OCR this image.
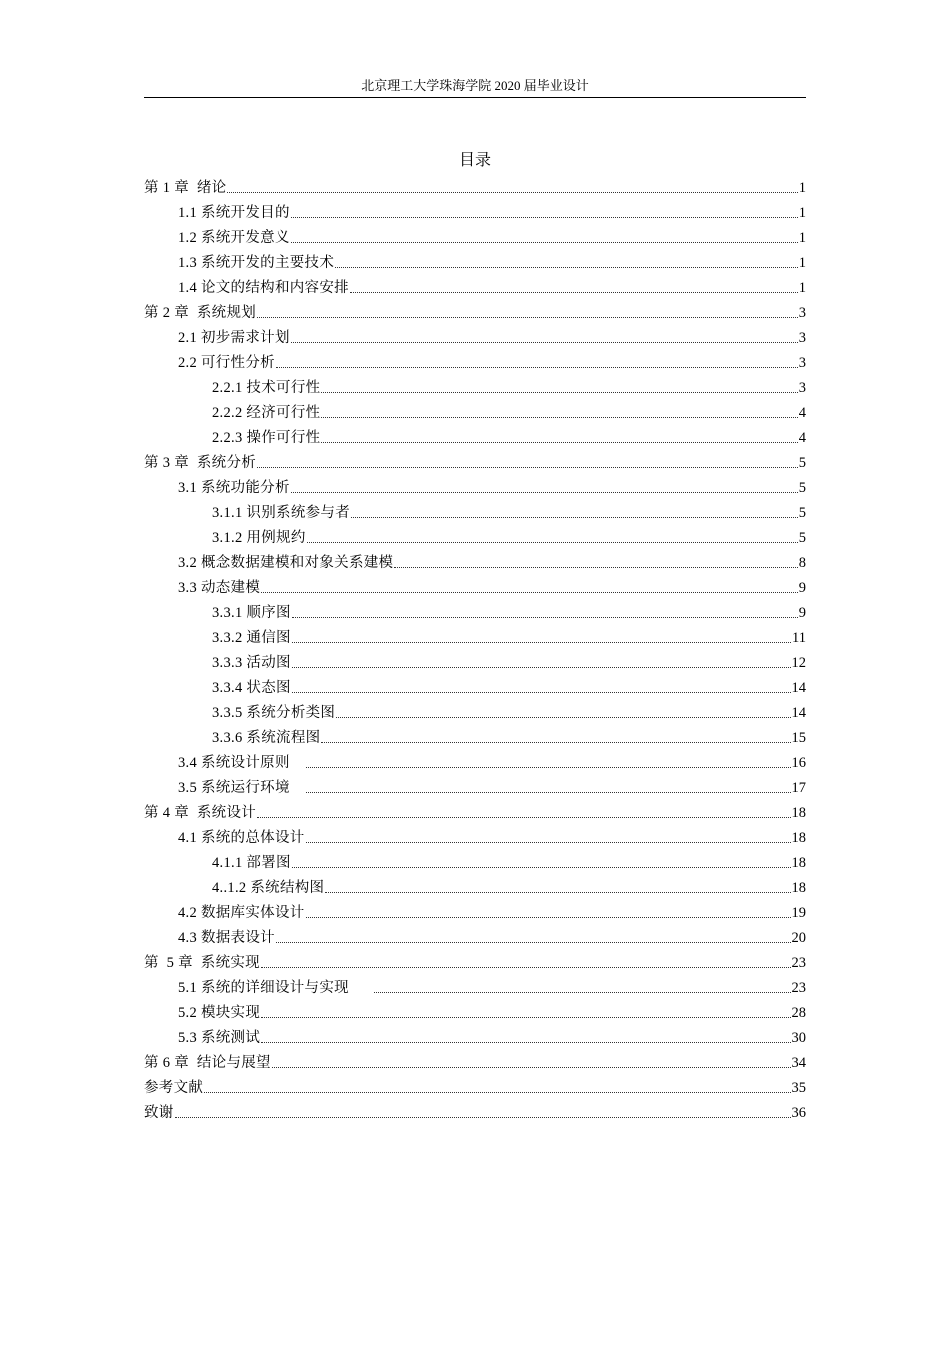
北京理工大学珠海学院 2020 届毕业设计
目录
第 1 章  绪论	1
1.1 系统开发目的	1
1.2 系统开发意义	1
1.3 系统开发的主要技术	1
1.4 论文的结构和内容安排	1
第 2 章  系统规划	3
2.1 初步需求计划	3
2.2 可行性分析	3
2.2.1 技术可行性	3
2.2.2 经济可行性	4
2.2.3 操作可行性	4
第 3 章  系统分析	5
3.1 系统功能分析	5
3.1.1 识别系统参与者	5
3.1.2 用例规约	5
3.2 概念数据建模和对象关系建模	8
3.3 动态建模	9
3.3.1 顺序图	9
3.3.2 通信图	11
3.3.3 活动图	12
3.3.4 状态图	14
3.3.5 系统分析类图	14
3.3.6 系统流程图	15
3.4 系统设计原则	16
3.5 系统运行环境	17
第 4 章  系统设计	18
4.1 系统的总体设计	18
4.1.1 部署图	18
4..1.2 系统结构图	18
4.2 数据库实体设计	19
4.3 数据表设计	20
第  5 章  系统实现	23
5.1 系统的详细设计与实现	23
5.2 模块实现	28
5.3 系统测试	30
第 6 章  结论与展望	34
参考文献	35
致谢	36
